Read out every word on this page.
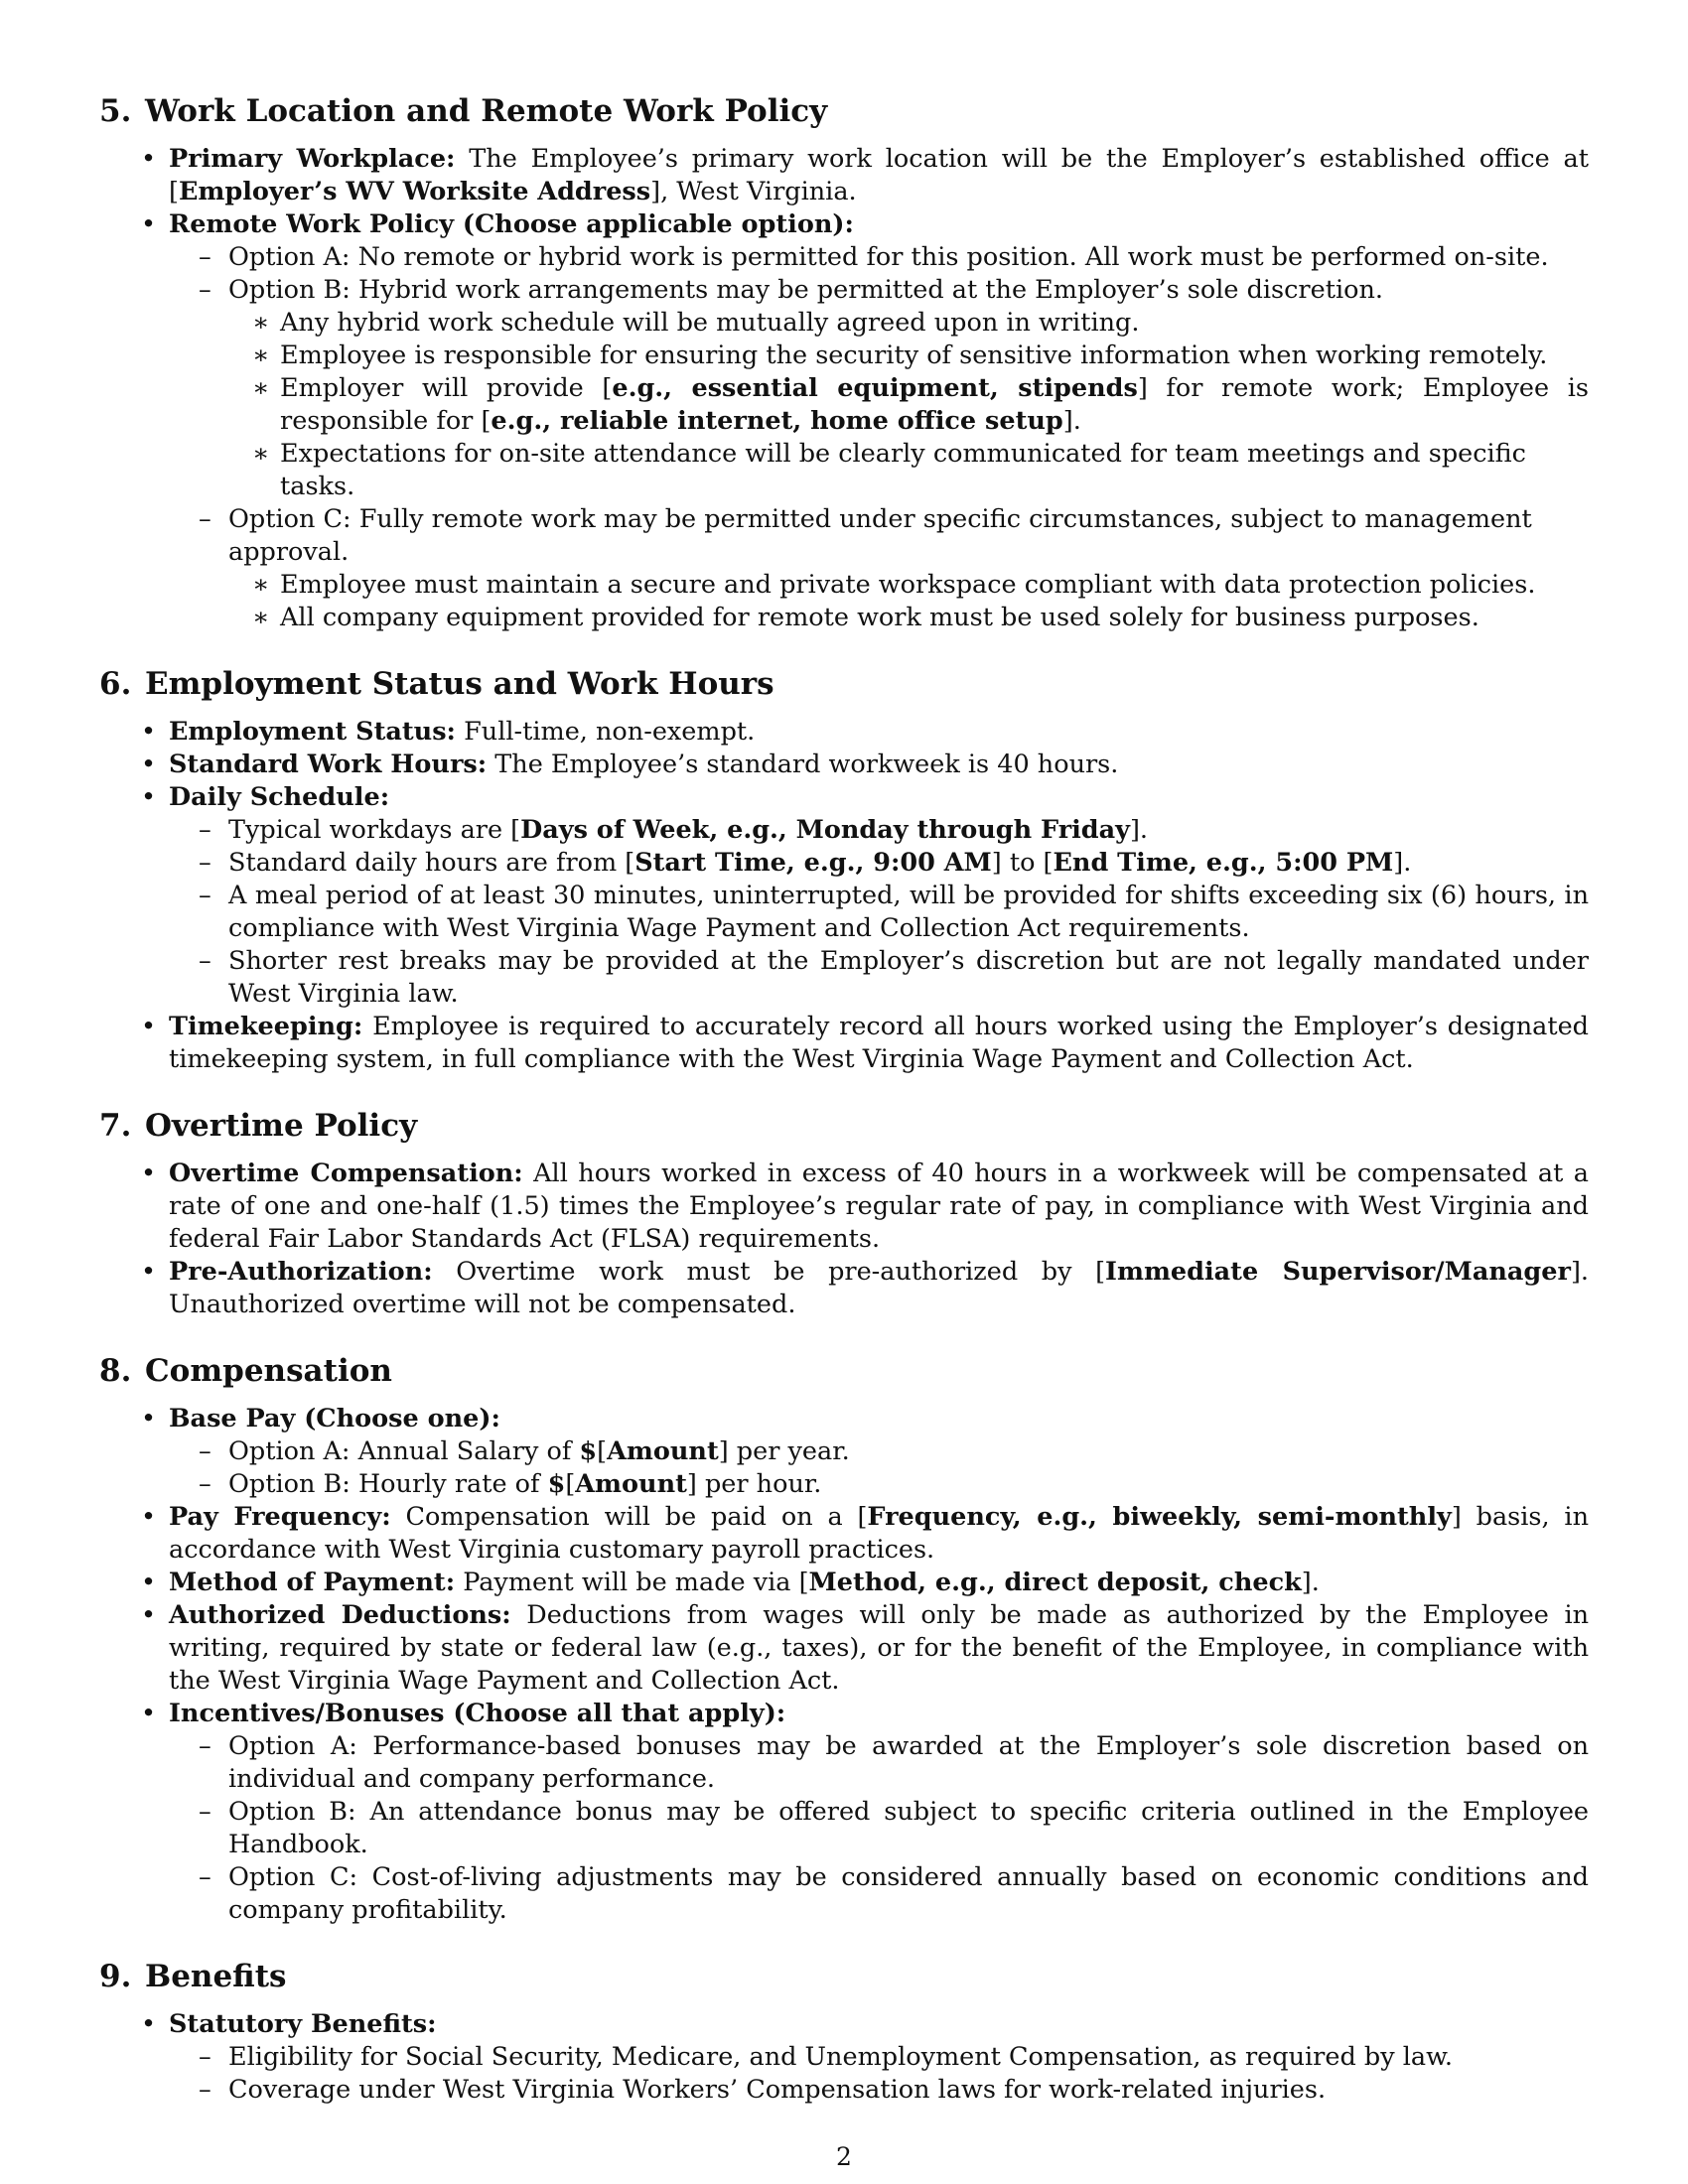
5. Work Location and Remote Work Policy
• Primary Workplace: The Employee’s primary work location will be the Employer’s established office at [Employer’s WV Worksite Address], West Virginia.
• Remote Work Policy (Choose applicable option):
– Option A: No remote or hybrid work is permitted for this position. All work must be performed on-site.
– Option B: Hybrid work arrangements may be permitted at the Employer’s sole discretion.
∗ Any hybrid work schedule will be mutually agreed upon in writing.
∗ Employee is responsible for ensuring the security of sensitive information when working remotely.
∗ Employer will provide [e.g., essential equipment, stipends] for remote work; Employee is responsible for [e.g., reliable internet, home office setup].
∗ Expectations for on-site attendance will be clearly communicated for team meetings and specific tasks.
– Option C: Fully remote work may be permitted under specific circumstances, subject to management approval.
∗ Employee must maintain a secure and private workspace compliant with data protection policies.
∗ All company equipment provided for remote work must be used solely for business purposes.
6. Employment Status and Work Hours
• Employment Status: Full-time, non-exempt.
• Standard Work Hours: The Employee’s standard workweek is 40 hours.
• Daily Schedule:
– Typical workdays are [Days of Week, e.g., Monday through Friday].
– Standard daily hours are from [Start Time, e.g., 9:00 AM] to [End Time, e.g., 5:00 PM].
– A meal period of at least 30 minutes, uninterrupted, will be provided for shifts exceeding six (6) hours, in compliance with West Virginia Wage Payment and Collection Act requirements.
– Shorter rest breaks may be provided at the Employer’s discretion but are not legally mandated under West Virginia law.
• Timekeeping: Employee is required to accurately record all hours worked using the Employer’s designated timekeeping system, in full compliance with the West Virginia Wage Payment and Collection Act.
7. Overtime Policy
• Overtime Compensation: All hours worked in excess of 40 hours in a workweek will be compensated at a rate of one and one-half (1.5) times the Employee’s regular rate of pay, in compliance with West Virginia and federal Fair Labor Standards Act (FLSA) requirements.
• Pre-Authorization: Overtime work must be pre-authorized by [Immediate Supervisor/Manager]. Unauthorized overtime will not be compensated.
8. Compensation
• Base Pay (Choose one):
– Option A: Annual Salary of $[Amount] per year.
– Option B: Hourly rate of $[Amount] per hour.
• Pay Frequency: Compensation will be paid on a [Frequency, e.g., biweekly, semi-monthly] basis, in accordance with West Virginia customary payroll practices.
• Method of Payment: Payment will be made via [Method, e.g., direct deposit, check].
• Authorized Deductions: Deductions from wages will only be made as authorized by the Employee in writing, required by state or federal law (e.g., taxes), or for the benefit of the Employee, in compliance with the West Virginia Wage Payment and Collection Act.
• Incentives/Bonuses (Choose all that apply):
– Option A: Performance-based bonuses may be awarded at the Employer’s sole discretion based on individual and company performance.
– Option B: An attendance bonus may be offered subject to specific criteria outlined in the Employee Handbook.
– Option C: Cost-of-living adjustments may be considered annually based on economic conditions and company profitability.
9. Benefits
• Statutory Benefits:
– Eligibility for Social Security, Medicare, and Unemployment Compensation, as required by law.
– Coverage under West Virginia Workers’ Compensation laws for work-related injuries.
2
